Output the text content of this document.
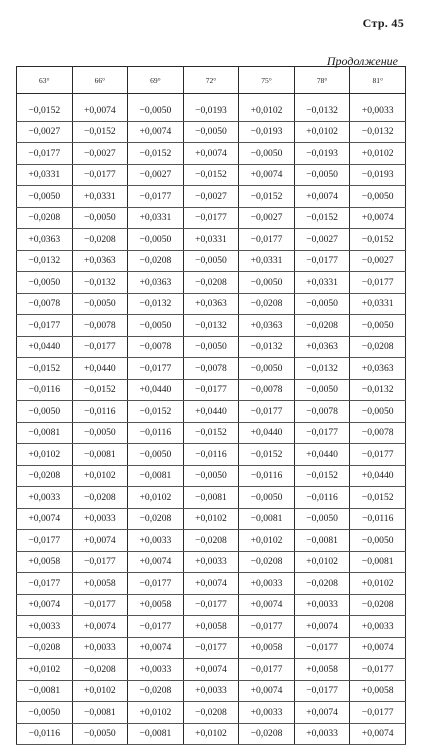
Стр. 45
Продолжение
63°	66°	69°	72°	75°	78°	81°

−0,0152	+0,0074	−0,0050	−0,0193	+0,0102	−0,0132	+0,0033
−0,0027	−0,0152	+0,0074	−0,0050	−0,0193	+0,0102	−0,0132
−0,0177	−0,0027	−0,0152	+0,0074	−0,0050	−0,0193	+0,0102
+0,0331	−0,0177	−0,0027	−0,0152	+0,0074	−0,0050	−0,0193
−0,0050	+0,0331	−0,0177	−0,0027	−0,0152	+0,0074	−0,0050
−0,0208	−0,0050	+0,0331	−0,0177	−0,0027	−0,0152	+0,0074
+0,0363	−0,0208	−0,0050	+0,0331	−0,0177	−0,0027	−0,0152
−0,0132	+0,0363	−0,0208	−0,0050	+0,0331	−0,0177	−0,0027
−0,0050	−0,0132	+0,0363	−0,0208	−0,0050	+0,0331	−0,0177
−0,0078	−0,0050	−0,0132	+0,0363	−0,0208	−0,0050	+0,0331
−0,0177	−0,0078	−0,0050	−0,0132	+0,0363	−0,0208	−0,0050
+0,0440	−0,0177	−0,0078	−0,0050	−0,0132	+0,0363	−0,0208
−0,0152	+0,0440	−0,0177	−0,0078	−0,0050	−0,0132	+0,0363
−0,0116	−0,0152	+0,0440	−0,0177	−0,0078	−0,0050	−0,0132
−0,0050	−0,0116	−0,0152	+0,0440	−0,0177	−0,0078	−0,0050
−0,0081	−0,0050	−0,0116	−0,0152	+0,0440	−0,0177	−0,0078
+0,0102	−0,0081	−0,0050	−0,0116	−0,0152	+0,0440	−0,0177
−0,0208	+0,0102	−0,0081	−0,0050	−0,0116	−0,0152	+0,0440
+0,0033	−0,0208	+0,0102	−0,0081	−0,0050	−0,0116	−0,0152
+0,0074	+0,0033	−0,0208	+0,0102	−0,0081	−0,0050	−0,0116
−0,0177	+0,0074	+0,0033	−0,0208	+0,0102	−0,0081	−0,0050
+0,0058	−0,0177	+0,0074	+0,0033	−0,0208	+0,0102	−0,0081
−0,0177	+0,0058	−0,0177	+0,0074	+0,0033	−0,0208	+0,0102
+0,0074	−0,0177	+0,0058	−0,0177	+0,0074	+0,0033	−0,0208
+0,0033	+0,0074	−0,0177	+0,0058	−0,0177	+0,0074	+0,0033
−0,0208	+0,0033	+0,0074	−0,0177	+0,0058	−0,0177	+0,0074
+0,0102	−0,0208	+0,0033	+0,0074	−0,0177	+0,0058	−0,0177
−0,0081	+0,0102	−0,0208	+0,0033	+0,0074	−0,0177	+0,0058
−0,0050	−0,0081	+0,0102	−0,0208	+0,0033	+0,0074	−0,0177
−0,0116	−0,0050	−0,0081	+0,0102	−0,0208	+0,0033	+0,0074
